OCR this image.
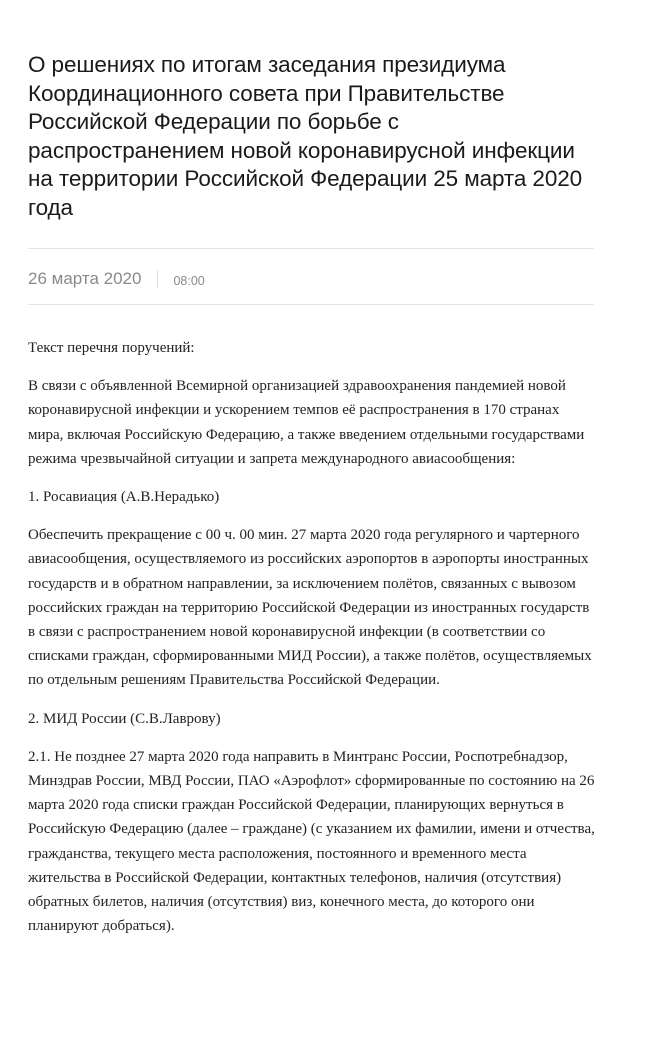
О решениях по итогам заседания президиума Координационного совета при Правительстве Российской Федерации по борьбе с распространением новой коронавирусной инфекции на территории Российской Федерации 25 марта 2020 года
26 марта 2020	08:00

Текст перечня поручений:

В связи с объявленной Всемирной организацией здравоохранения пандемией новой коронавирусной инфекции и ускорением темпов её распространения в 170 странах мира, включая Российскую Федерацию, а также введением отдельными государствами режима чрезвычайной ситуации и запрета международного авиасообщения:

1. Росавиация (А.В.Нерадько)

Обеспечить прекращение с 00 ч. 00 мин. 27 марта 2020 года регулярного и чартерного авиасообщения, осуществляемого из российских аэропортов в аэропорты иностранных государств и в обратном направлении, за исключением полётов, связанных с вывозом российских граждан на территорию Российской Федерации из иностранных государств в связи с распространением новой коронавирусной инфекции (в соответствии со списками граждан, сформированными МИД России), а также полётов, осуществляемых по отдельным решениям Правительства Российской Федерации.

2. МИД России (С.В.Лаврову)

2.1. Не позднее 27 марта 2020 года направить в Минтранс России, Роспотребнадзор, Минздрав России, МВД России, ПАО «Аэрофлот» сформированные по состоянию на 26 марта 2020 года списки граждан Российской Федерации, планирующих вернуться в Российскую Федерацию (далее – граждане) (с указанием их фамилии, имени и отчества, гражданства, текущего места расположения, постоянного и временного места жительства в Российской Федерации, контактных телефонов, наличия (отсутствия) обратных билетов, наличия (отсутствия) виз, конечного места, до которого они планируют добраться).
